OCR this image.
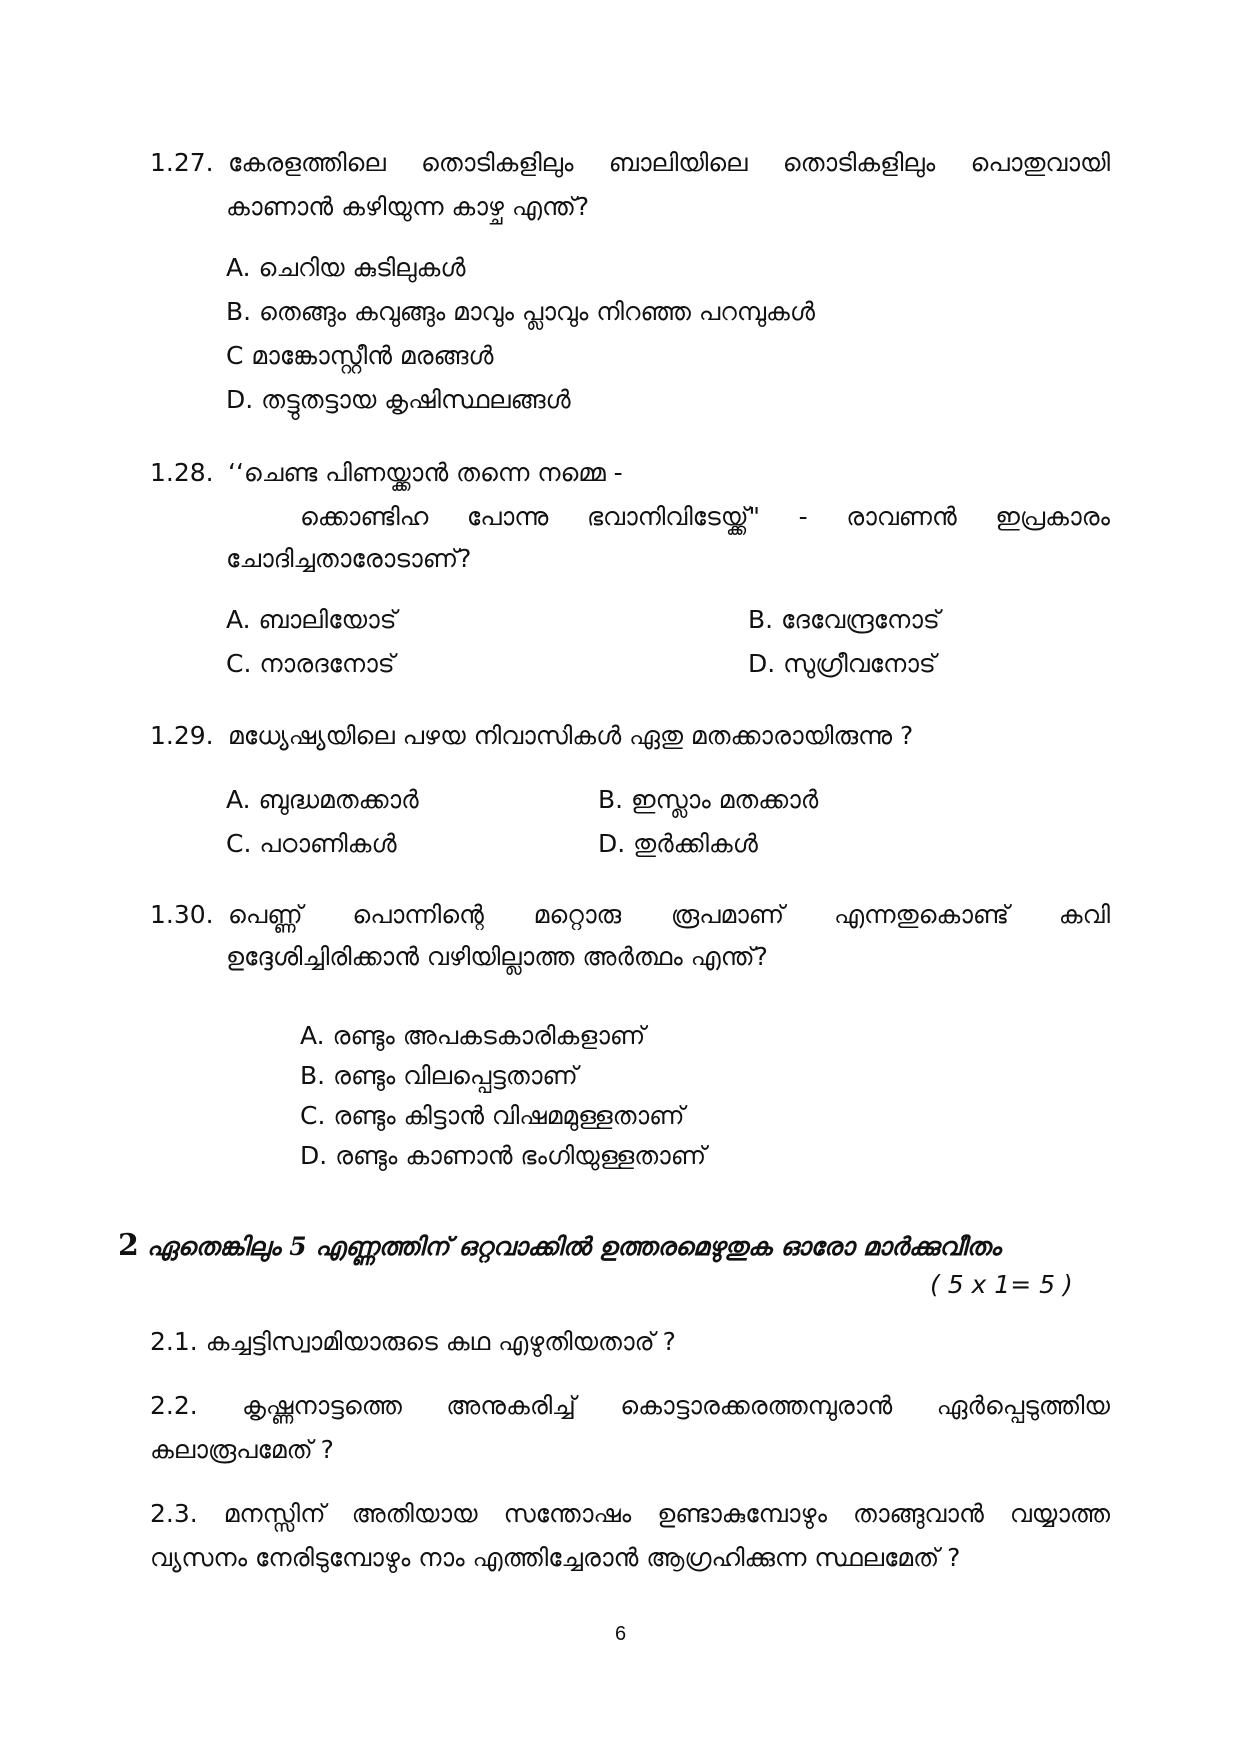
1.27. കേരളത്തിലെ തൊടികളിലും ബാലിയിലെ തൊടികളിലും പൊതുവായി
കാണാൻ കഴിയുന്ന കാഴ്ച എന്ത്?
A. ചെറിയ കുടിലുകൾ
B. തെങ്ങും കവുങ്ങും മാവും പ്ലാവും നിറഞ്ഞ പറമ്പുകൾ
C മാങ്കോസ്റ്റീൻ മരങ്ങൾ
D. തട്ടുതട്ടായ കൃഷിസ്ഥലങ്ങൾ
1.28. ‘‘ചെണ്ട പിണയ്ക്കാൻ തന്നെ നമ്മെ -
ക്കൊണ്ടിഹ പോന്നു ഭവാനിവിടേയ്ക്ക്" - രാവണൻ ഇപ്രകാരം
ചോദിച്ചതാരോടാണ്?
A. ബാലിയോട്	B. ദേവേന്ദ്രനോട്
C. നാരദനോട്	D. സുഗ്രീവനോട്
1.29. മധ്യേഷ്യയിലെ പഴയ നിവാസികൾ ഏതു മതക്കാരായിരുന്നു ?
A. ബുദ്ധമതക്കാർ	B. ഇസ്ലാം മതക്കാർ
C. പഠാണികൾ	D. തുർക്കികൾ
1.30. പെണ്ണ് പൊന്നിന്റെ മറ്റൊരു രൂപമാണ് എന്നതുകൊണ്ട് കവി
ഉദ്ദേശിച്ചിരിക്കാൻ വഴിയില്ലാത്ത അർത്ഥം എന്ത്?
A. രണ്ടും അപകടകാരികളാണ്
B. രണ്ടും വിലപ്പെട്ടതാണ്
C. രണ്ടും കിട്ടാൻ വിഷമമുള്ളതാണ്
D. രണ്ടും കാണാൻ ഭംഗിയുള്ളതാണ്
2 ഏതെങ്കിലും 5 എണ്ണത്തിന് ഒറ്റവാക്കിൽ ഉത്തരമെഴുതുക ഓരോ മാർക്കുവീതം
( 5 x 1= 5 )
2.1. കച്ചട്ടിസ്വാമിയാരുടെ കഥ എഴുതിയതാര് ?
2.2. കൃഷ്ണനാട്ടത്തെ അനുകരിച്ച് കൊട്ടാരക്കരത്തമ്പുരാൻ ഏർപ്പെടുത്തിയ
കലാരൂപമേത് ?
2.3. മനസ്സിന് അതിയായ സന്തോഷം ഉണ്ടാകുമ്പോഴും താങ്ങുവാൻ വയ്യാത്ത
വ്യസനം നേരിടുമ്പോഴും നാം എത്തിച്ചേരാൻ ആഗ്രഹിക്കുന്ന സ്ഥലമേത് ?
6
